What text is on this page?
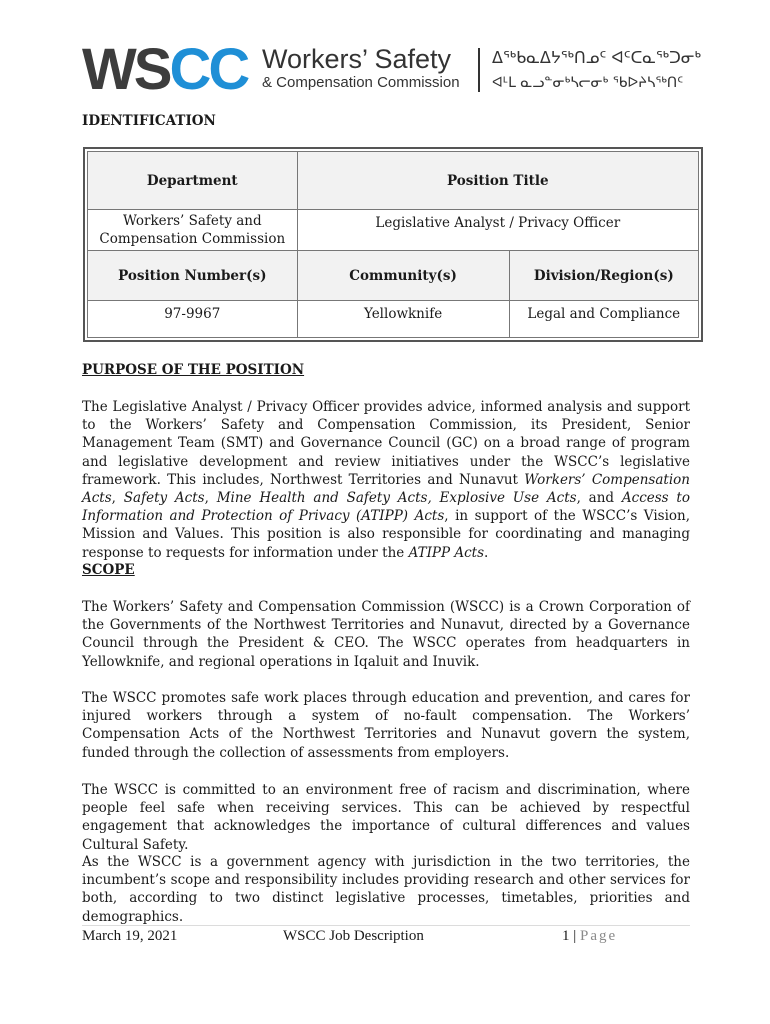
WSCC Workers’ Safety
& Compensation Commission
ᐃᖅᑲᓇᐃᔭᖅᑎᓄᑦ ᐊᑦᑕᓇᖅᑐᓂᒃ
ᐊᒻᒪ ᓇᓗᓐᓂᒃᓴᓕᓂᒃ ᖃᐅᔨᓴᖅᑎᑦ
IDENTIFICATION
Department	Position Title	
Workers’ Safety and Compensation Commission	Legislative Analyst / Privacy Officer	
Position Number(s)	Community(s)	Division/Region(s)
97-9967	Yellowknife	Legal and Compliance
PURPOSE OF THE POSITION

The Legislative Analyst / Privacy Officer provides advice, informed analysis and support to the Workers’ Safety and Compensation Commission, its President, Senior Management Team (SMT) and Governance Council (GC) on a broad range of program and legislative development and review initiatives under the WSCC’s legislative framework. This includes, Northwest Territories and Nunavut Workers’ Compensation Acts, Safety Acts, Mine Health and Safety Acts, Explosive Use Acts, and Access to Information and Protection of Privacy (ATIPP) Acts, in support of the WSCC’s Vision, Mission and Values. This position is also responsible for coordinating and managing response to requests for information under the ATIPP Acts.

SCOPE

The Workers’ Safety and Compensation Commission (WSCC) is a Crown Corporation of the Governments of the Northwest Territories and Nunavut, directed by a Governance Council through the President & CEO. The WSCC operates from headquarters in Yellowknife, and regional operations in Iqaluit and Inuvik.

The WSCC promotes safe work places through education and prevention, and cares for injured workers through a system of no-fault compensation. The Workers’ Compensation Acts of the Northwest Territories and Nunavut govern the system, funded through the collection of assessments from employers.

The WSCC is committed to an environment free of racism and discrimination, where people feel safe when receiving services. This can be achieved by respectful engagement that acknowledges the importance of cultural differences and values Cultural Safety.

As the WSCC is a government agency with jurisdiction in the two territories, the incumbent’s scope and responsibility includes providing research and other services for both, according to two distinct legislative processes, timetables, priorities and demographics.

March 19, 2021	WSCC Job Description	1 | Page
